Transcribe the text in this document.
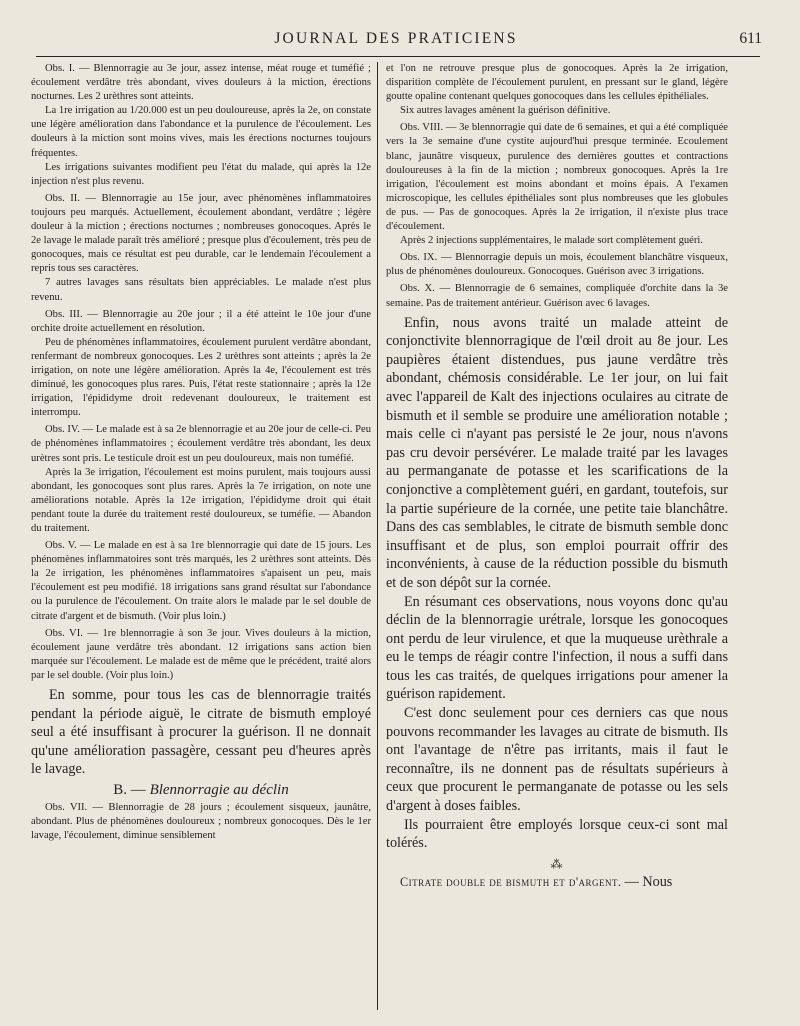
JOURNAL DES PRATICIENS	611

Obs. I. — Blennorragie au 3e jour, assez intense, méat rouge et tuméfié ; écoulement verdâtre très abondant, vives douleurs à la miction, érections nocturnes. Les 2 urèthres sont atteints.

La 1re irrigation au 1/20.000 est un peu douloureuse, après la 2e, on constate une légère amélioration dans l'abondance et la purulence de l'écoulement. Les douleurs à la miction sont moins vives, mais les érections nocturnes toujours fréquentes.

Les irrigations suivantes modifient peu l'état du malade, qui après la 12e injection n'est plus revenu.

Obs. II. — Blennorragie au 15e jour, avec phénomènes inflammatoires toujours peu marqués. Actuellement, écoulement abondant, verdâtre ; légère douleur à la miction ; érections nocturnes ; nombreuses gonocoques. Après le 2e lavage le malade paraît très amélioré ; presque plus d'écoulement, très peu de gonocoques, mais ce résultat est peu durable, car le lendemain l'écoulement a repris tous ses caractères.

7 autres lavages sans résultats bien appréciables. Le malade n'est plus revenu.

Obs. III. — Blennorragie au 20e jour ; il a été atteint le 10e jour d'une orchite droite actuellement en résolution.

Peu de phénomènes inflammatoires, écoulement purulent verdâtre abondant, renfermant de nombreux gonocoques. Les 2 urèthres sont atteints ; après la 2e irrigation, on note une légère amélioration. Après la 4e, l'écoulement est très diminué, les gonocoques plus rares. Puis, l'état reste stationnaire ; après la 12e irrigation, l'épididyme droit redevenant douloureux, le traitement est interrompu.

Obs. IV. — Le malade est à sa 2e blennorragie et au 20e jour de celle-ci. Peu de phénomènes inflammatoires ; écoulement verdâtre très abondant, les deux urètres sont pris. Le testicule droit est un peu douloureux, mais non tuméfié.

Après la 3e irrigation, l'écoulement est moins purulent, mais toujours aussi abondant, les gonocoques sont plus rares. Après la 7e irrigation, on note une améliorations notable. Après la 12e irrigation, l'épididyme droit qui était pendant toute la durée du traitement resté douloureux, se tuméfie. — Abandon du traitement.

Obs. V. — Le malade en est à sa 1re blennorragie qui date de 15 jours. Les phénomènes inflammatoires sont très marqués, les 2 urèthres sont atteints. Dès la 2e irrigation, les phénomènes inflammatoires s'apaisent un peu, mais l'écoulement est peu modifié. 18 irrigations sans grand résultat sur l'abondance ou la purulence de l'écoulement. On traite alors le malade par le sel double de citrate d'argent et de bismuth. (Voir plus loin.)

Obs. VI. — 1re blennorragie à son 3e jour. Vives douleurs à la miction, écoulement jaune verdâtre très abondant. 12 irrigations sans action bien marquée sur l'écoulement. Le malade est de même que le précédent, traité alors par le sel double. (Voir plus loin.)

En somme, pour tous les cas de blennorragie traités pendant la période aiguë, le citrate de bismuth employé seul a été insuffisant à procurer la guérison. Il ne donnait qu'une amélioration passagère, cessant peu d'heures après le lavage.

B. — Blennorragie au déclin

Obs. VII. — Blennorragie de 28 jours ; écoulement sisqueux, jaunâtre, abondant. Plus de phénomènes douloureux ; nombreux gonocoques. Dès le 1er lavage, l'écoulement, diminue sensiblement

et l'on ne retrouve presque plus de gonocoques. Après la 2e irrigation, disparition complète de l'écoulement purulent, en pressant sur le gland, légère goutte opaline contenant quelques gonocoques dans les cellules épithéliales.

Six autres lavages amènent la guérison définitive.

Obs. VIII. — 3e blennorragie qui date de 6 semaines, et qui a été compliquée vers la 3e semaine d'une cystite aujourd'hui presque terminée. Ecoulement blanc, jaunâtre visqueux, purulence des dernières gouttes et contractions douloureuses à la fin de la miction ; nombreux gonocoques. Après la 1re irrigation, l'écoulement est moins abondant et moins épais. A l'examen microscopique, les cellules épithéliales sont plus nombreuses que les globules de pus. — Pas de gonocoques. Après la 2e irrigation, il n'existe plus trace d'écoulement.

Après 2 injections supplémentaires, le malade sort complètement guéri.

Obs. IX. — Blennorragie depuis un mois, écoulement blanchâtre visqueux, plus de phénomènes douloureux. Gonocoques. Guérison avec 3 irrigations.

Obs. X. — Blennorragie de 6 semaines, compliquée d'orchite dans la 3e semaine. Pas de traitement antérieur. Guérison avec 6 lavages.

Enfin, nous avons traité un malade atteint de conjonctivite blennorragique de l'œil droit au 8e jour. Les paupières étaient distendues, pus jaune verdâtre très abondant, chémosis considérable. Le 1er jour, on lui fait avec l'appareil de Kalt des injections oculaires au citrate de bismuth et il semble se produire une amélioration notable ; mais celle ci n'ayant pas persisté le 2e jour, nous n'avons pas cru devoir persévérer. Le malade traité par les lavages au permanganate de potasse et les scarifications de la conjonctive a complètement guéri, en gardant, toutefois, sur la partie supérieure de la cornée, une petite taie blanchâtre. Dans des cas semblables, le citrate de bismuth semble donc insuffisant et de plus, son emploi pourrait offrir des inconvénients, à cause de la réduction possible du bismuth et de son dépôt sur la cornée.

En résumant ces observations, nous voyons donc qu'au déclin de la blennorragie urétrale, lorsque les gonocoques ont perdu de leur virulence, et que la muqueuse urèthrale a eu le temps de réagir contre l'infection, il nous a suffi dans tous les cas traités, de quelques irrigations pour amener la guérison rapidement.

C'est donc seulement pour ces derniers cas que nous pouvons recommander les lavages au citrate de bismuth. Ils ont l'avantage de n'être pas irritants, mais il faut le reconnaître, ils ne donnent pas de résultats supérieurs à ceux que procurent le permanganate de potasse ou les sels d'argent à doses faibles.

Ils pourraient être employés lorsque ceux-ci sont mal tolérés.

⁂

Citrate double de bismuth et d'argent. — Nous
